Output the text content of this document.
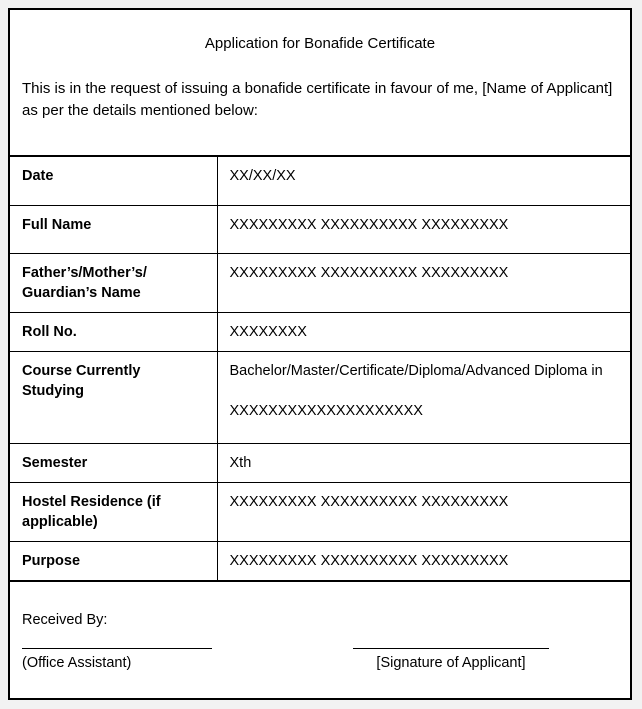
Application for Bonafide Certificate
This is in the request of issuing a bonafide certificate in favour of me, [Name of Applicant] as per the details mentioned below:
Date	XX/XX/XX
Full Name	XXXXXXXXX XXXXXXXXXX XXXXXXXXX

Father’s/Mother’s/
Guardian’s Name	XXXXXXXXX XXXXXXXXXX XXXXXXXXX
Roll No.	XXXXXXXX

Course Currently
Studying	Bachelor/Master/Certificate/Diploma/Advanced Diploma in
XXXXXXXXXXXXXXXXXXXX

Semester	Xth

Hostel Residence (if
applicable)	XXXXXXXXX XXXXXXXXXX XXXXXXXXX
Purpose	XXXXXXXXX XXXXXXXXXX XXXXXXXXX
Received By:
(Office Assistant)	[Signature of Applicant]
